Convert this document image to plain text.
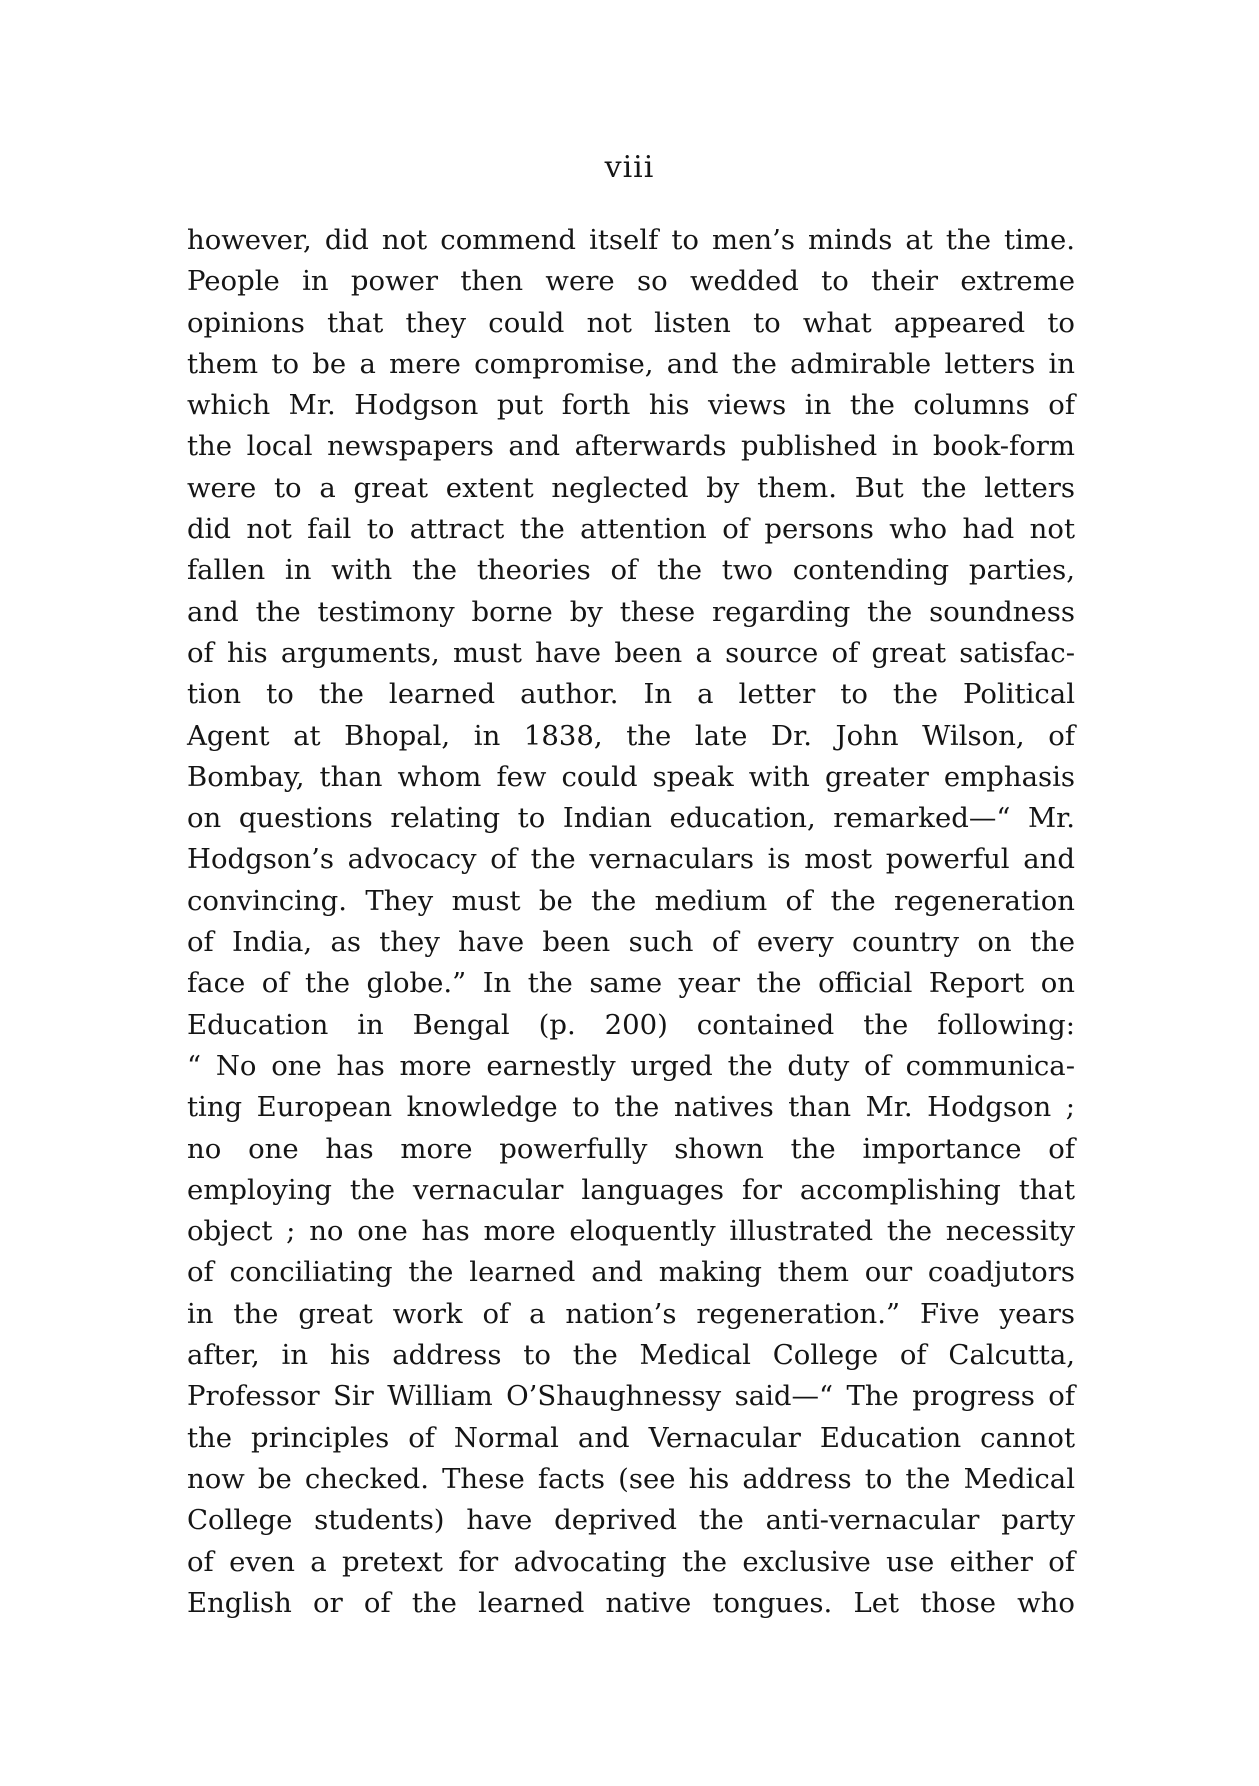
viii
however, did not commend itself to men’s minds at the time.
People in power then were so wedded to their extreme
opinions that they could not listen to what appeared to
them to be a mere compromise, and the admirable letters in
which Mr. Hodgson put forth his views in the columns of
the local newspapers and afterwards published in book-form
were to a great extent neglected by them. But the letters
did not fail to attract the attention of persons who had not
fallen in with the theories of the two contending parties,
and the testimony borne by these regarding the soundness
of his arguments, must have been a source of great satisfac-
tion to the learned author. In a letter to the Political
Agent at Bhopal, in 1838, the late Dr. John Wilson, of
Bombay, than whom few could speak with greater emphasis
on questions relating to Indian education, remarked—“ Mr.
Hodgson’s advocacy of the vernaculars is most powerful and
convincing. They must be the medium of the regeneration
of India, as they have been such of every country on the
face of the globe.” In the same year the official Report on
Education in Bengal (p. 200) contained the following:
“ No one has more earnestly urged the duty of communica-
ting European knowledge to the natives than Mr. Hodgson ;
no one has more powerfully shown the importance of
employing the vernacular languages for accomplishing that
object ; no one has more eloquently illustrated the necessity
of conciliating the learned and making them our coadjutors
in the great work of a nation’s regeneration.” Five years
after, in his address to the Medical College of Calcutta,
Professor Sir William O’Shaughnessy said—“ The progress of
the principles of Normal and Vernacular Education cannot
now be checked. These facts (see his address to the Medical
College students) have deprived the anti-vernacular party
of even a pretext for advocating the exclusive use either of
English or of the learned native tongues. Let those who
